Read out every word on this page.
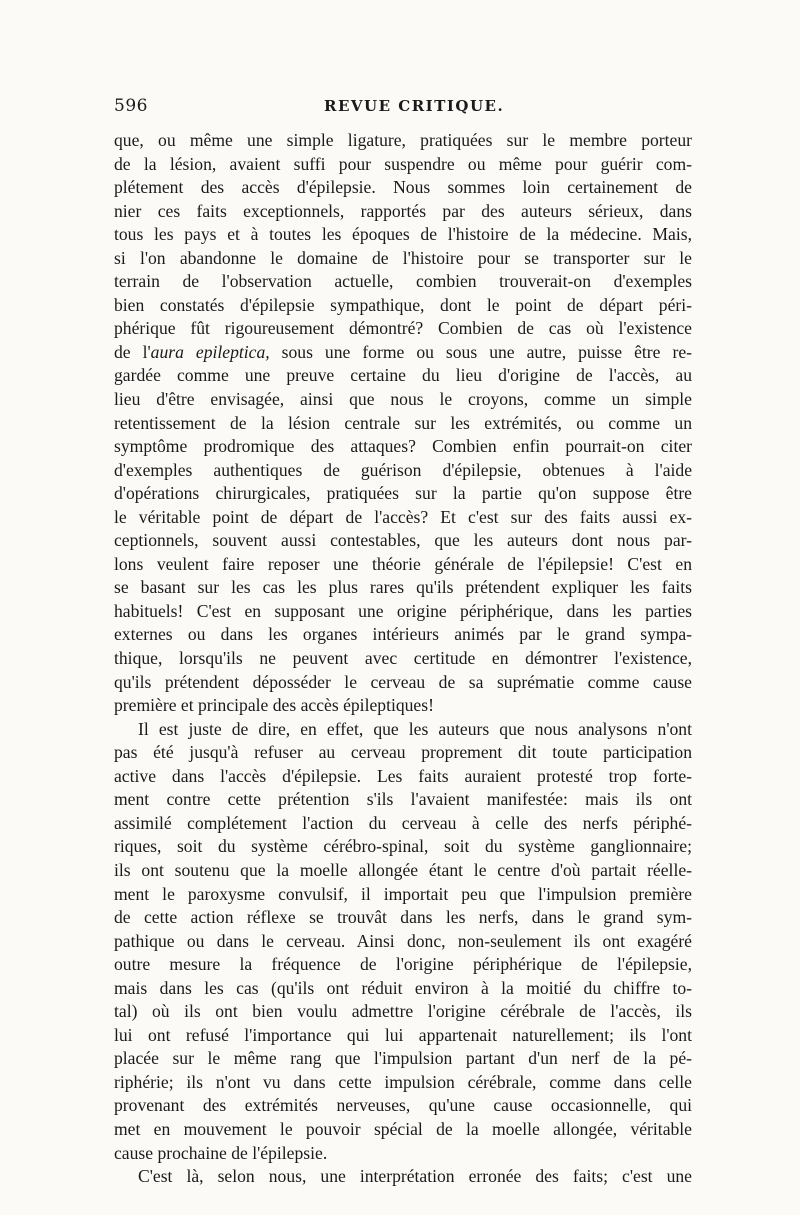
596	REVUE CRITIQUE.
que, ou même une simple ligature, pratiquées sur le membre porteur
de la lésion, avaient suffi pour suspendre ou même pour guérir com-
plétement des accès d'épilepsie. Nous sommes loin certainement de
nier ces faits exceptionnels, rapportés par des auteurs sérieux, dans
tous les pays et à toutes les époques de l'histoire de la médecine. Mais,
si l'on abandonne le domaine de l'histoire pour se transporter sur le
terrain de l'observation actuelle, combien trouverait-on d'exemples
bien constatés d'épilepsie sympathique, dont le point de départ péri-
phérique fût rigoureusement démontré? Combien de cas où l'existence
de l'aura epileptica, sous une forme ou sous une autre, puisse être re-
gardée comme une preuve certaine du lieu d'origine de l'accès, au
lieu d'être envisagée, ainsi que nous le croyons, comme un simple
retentissement de la lésion centrale sur les extrémités, ou comme un
symptôme prodromique des attaques? Combien enfin pourrait-on citer
d'exemples authentiques de guérison d'épilepsie, obtenues à l'aide
d'opérations chirurgicales, pratiquées sur la partie qu'on suppose être
le véritable point de départ de l'accès? Et c'est sur des faits aussi ex-
ceptionnels, souvent aussi contestables, que les auteurs dont nous par-
lons veulent faire reposer une théorie générale de l'épilepsie! C'est en
se basant sur les cas les plus rares qu'ils prétendent expliquer les faits
habituels! C'est en supposant une origine périphérique, dans les parties
externes ou dans les organes intérieurs animés par le grand sympa-
thique, lorsqu'ils ne peuvent avec certitude en démontrer l'existence,
qu'ils prétendent déposséder le cerveau de sa suprématie comme cause
première et principale des accès épileptiques!
Il est juste de dire, en effet, que les auteurs que nous analysons n'ont
pas été jusqu'à refuser au cerveau proprement dit toute participation
active dans l'accès d'épilepsie. Les faits auraient protesté trop forte-
ment contre cette prétention s'ils l'avaient manifestée: mais ils ont
assimilé complétement l'action du cerveau à celle des nerfs périphé-
riques, soit du système cérébro-spinal, soit du système ganglionnaire;
ils ont soutenu que la moelle allongée étant le centre d'où partait réelle-
ment le paroxysme convulsif, il importait peu que l'impulsion première
de cette action réflexe se trouvât dans les nerfs, dans le grand sym-
pathique ou dans le cerveau. Ainsi donc, non-seulement ils ont exagéré
outre mesure la fréquence de l'origine périphérique de l'épilepsie,
mais dans les cas (qu'ils ont réduit environ à la moitié du chiffre to-
tal) où ils ont bien voulu admettre l'origine cérébrale de l'accès, ils
lui ont refusé l'importance qui lui appartenait naturellement; ils l'ont
placée sur le même rang que l'impulsion partant d'un nerf de la pé-
riphérie; ils n'ont vu dans cette impulsion cérébrale, comme dans celle
provenant des extrémités nerveuses, qu'une cause occasionnelle, qui
met en mouvement le pouvoir spécial de la moelle allongée, véritable
cause prochaine de l'épilepsie.
C'est là, selon nous, une interprétation erronée des faits; c'est une
